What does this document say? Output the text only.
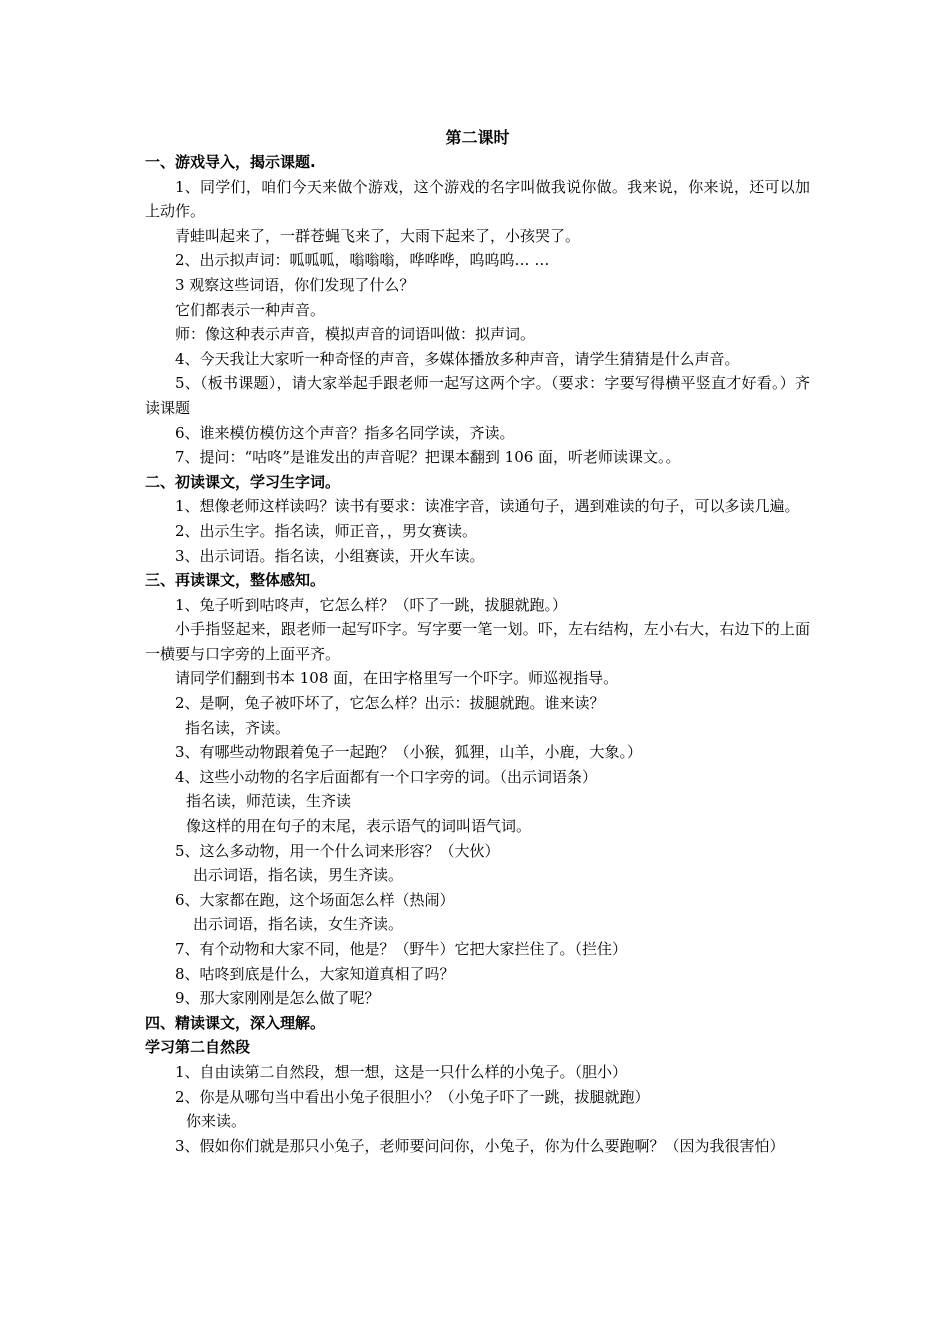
第二课时

一、游戏导入，揭示课题.

1、同学们，咱们今天来做个游戏，这个游戏的名字叫做我说你做。我来说，你来说，还可以加上动作。

青蛙叫起来了，一群苍蝇飞来了，大雨下起来了，小孩哭了。

2、出示拟声词：呱呱呱，嗡嗡嗡，哗哗哗，呜呜呜… …

3 观察这些词语，你们发现了什么？

它们都表示一种声音。

师：像这种表示声音，模拟声音的词语叫做：拟声词。

4、今天我让大家听一种奇怪的声音，多媒体播放多种声音，请学生猜猜是什么声音。

5、（板书课题），请大家举起手跟老师一起写这两个字。（要求：字要写得横平竖直才好看。）齐读课题

6、谁来模仿模仿这个声音？指多名同学读，齐读。

7、提问：“咕咚”是谁发出的声音呢？把课本翻到 106 面，听老师读课文。。

二、初读课文，学习生字词。

1、想像老师这样读吗？读书有要求：读准字音，读通句子，遇到难读的句子，可以多读几遍。

2、出示生字。指名读，师正音，，男女赛读。

3、出示词语。指名读，小组赛读，开火车读。

三、再读课文，整体感知。

1、兔子听到咕咚声，它怎么样？（吓了一跳，拔腿就跑。）

小手指竖起来，跟老师一起写吓字。写字要一笔一划。吓，左右结构，左小右大，右边下的上面一横要与口字旁的上面平齐。

请同学们翻到书本 108 面，在田字格里写一个吓字。师巡视指导。

2、是啊，兔子被吓坏了，它怎么样？出示：拔腿就跑。谁来读？

指名读，齐读。

3、有哪些动物跟着兔子一起跑？（小猴，狐狸，山羊，小鹿，大象。）

4、这些小动物的名字后面都有一个口字旁的词。（出示词语条）

指名读，师范读，生齐读

像这样的用在句子的末尾，表示语气的词叫语气词。

5、这么多动物，用一个什么词来形容？（大伙）

出示词语，指名读，男生齐读。

6、大家都在跑，这个场面怎么样（热闹）

出示词语，指名读，女生齐读。

7、有个动物和大家不同，他是？（野牛）它把大家拦住了。（拦住）

8、咕咚到底是什么，大家知道真相了吗？

9、那大家刚刚是怎么做了呢？

四、精读课文，深入理解。

学习第二自然段

1、自由读第二自然段，想一想，这是一只什么样的小兔子。（胆小）

2、你是从哪句当中看出小兔子很胆小？（小兔子吓了一跳，拔腿就跑）

你来读。

3、假如你们就是那只小兔子，老师要问问你，小兔子，你为什么要跑啊？（因为我很害怕）
